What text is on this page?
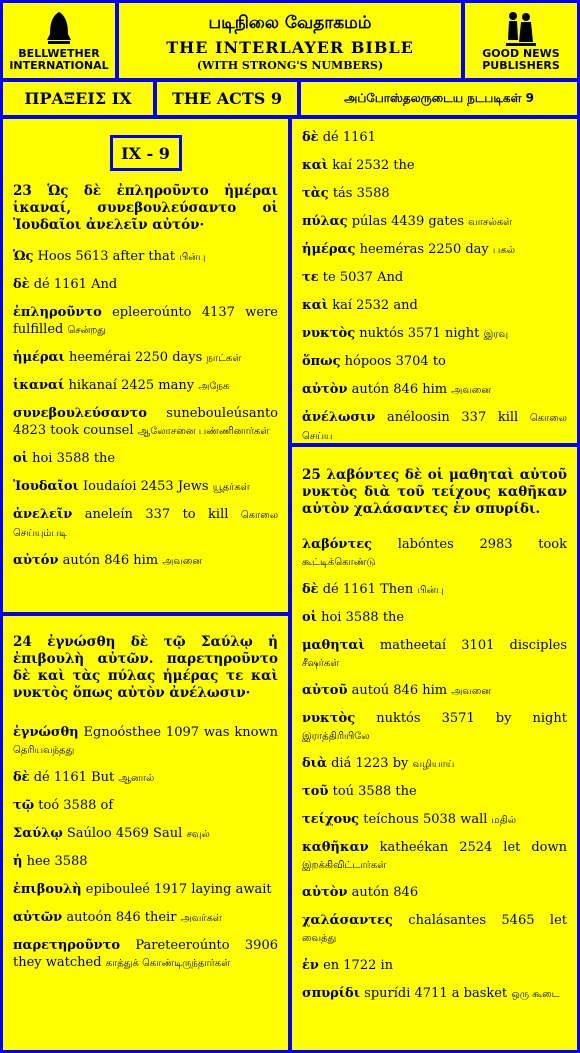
BELLWETHER
INTERNATIONAL
படிநிலை வேதாகமம்
THE INTERLAYER BIBLE
(WITH STRONG'S NUMBERS)
GOOD NEWS
PUBLISHERS
ΠΡΑΞΕΙΣ IX	THE ACTS 9	அப்போஸ்தலருடைய நடபடிகள் 9
IX - 9
23 Ὡς δὲ ἐπληροῦντο ἡμέραι ἱκαναί, συνεβουλεύσαντο οἱ Ἰουδαῖοι ἀνελεῖν αὐτόν·
Ὡς Hoos 5613 after that பின்பு
δὲ dé 1161 And
ἐπληροῦντο epleeroúnto 4137 were fulfilled சென்றது
ἡμέραι heemérai 2250 days நாட்கள்
ἱκαναί hikanaí 2425 many அநேக
συνεβουλεύσαντο suneboulеúsanto 4823 took counsel ஆலோசனை பண்ணினார்கள்
οἱ hoi 3588 the
Ἰουδαῖοι Ioudaíoi 2453 Jews யூதர்கள்
ἀνελεῖν aneleín 337 to kill கொலை செய்யும்படி
αὐτόν autón 846 him அவனை
24 ἐγνώσθη δὲ τῷ Σαύλῳ ἡ ἐπιβουλὴ αὐτῶν. παρετηροῦντο δὲ καὶ τὰς πύλας ἡμέρας τε καὶ νυκτὸς ὅπως αὐτὸν ἀνέλωσιν·
ἐγνώσθη Egnoósthee 1097 was known தெரியவந்தது
δὲ dé 1161 But ஆனால்
τῷ toó 3588 of
Σαύλῳ Saúloo 4569 Saul சவுல்
ἡ hee 3588
ἐπιβουλὴ epibouleé 1917 laying await
αὐτῶν autoón 846 their அவர்கள்
παρετηροῦντο Pareteeroúnto 3906 they watched காத்துக் கொண்டிருந்தார்கள்
δὲ dé 1161
καὶ kaí 2532 the
τὰς tás 3588
πύλας púlas 4439 gates வாசல்கள்
ἡμέρας heeméras 2250 day பகல்
τε te 5037 And
καὶ kaí 2532 and
νυκτὸς nuktós 3571 night இரவு
ὅπως hópoos 3704 to
αὐτὸν autón 846 him அவனை
ἀνέλωσιν anéloosin 337 kill கொலை செய்ய
25 λαβόντες δὲ οἱ μαθηταὶ αὐτοῦ νυκτὸς διὰ τοῦ τείχους καθῆκαν αὐτὸν χαλάσαντες ἐν σπυρίδι.
λαβόντες labóntes 2983 took கூட்டிக்கொண்டு
δὲ dé 1161 Then பின்பு
οἱ hoi 3588 the
μαθηταὶ matheetaí 3101 disciples சீஷர்கள்
αὐτοῦ autoú 846 him அவனை
νυκτὸς nuktós 3571 by night இராத்திரியிலே
διὰ diá 1223 by வழியாய்
τοῦ toú 3588 the
τείχους teíchous 5038 wall மதில்
καθῆκαν katheékan 2524 let down இறக்கிவிட்டார்கள்
αὐτὸν autón 846
χαλάσαντες chalásantes 5465 let வைத்து
ἐν en 1722 in
σπυρίδι spurídi 4711 a basket ஒரு கூடை
